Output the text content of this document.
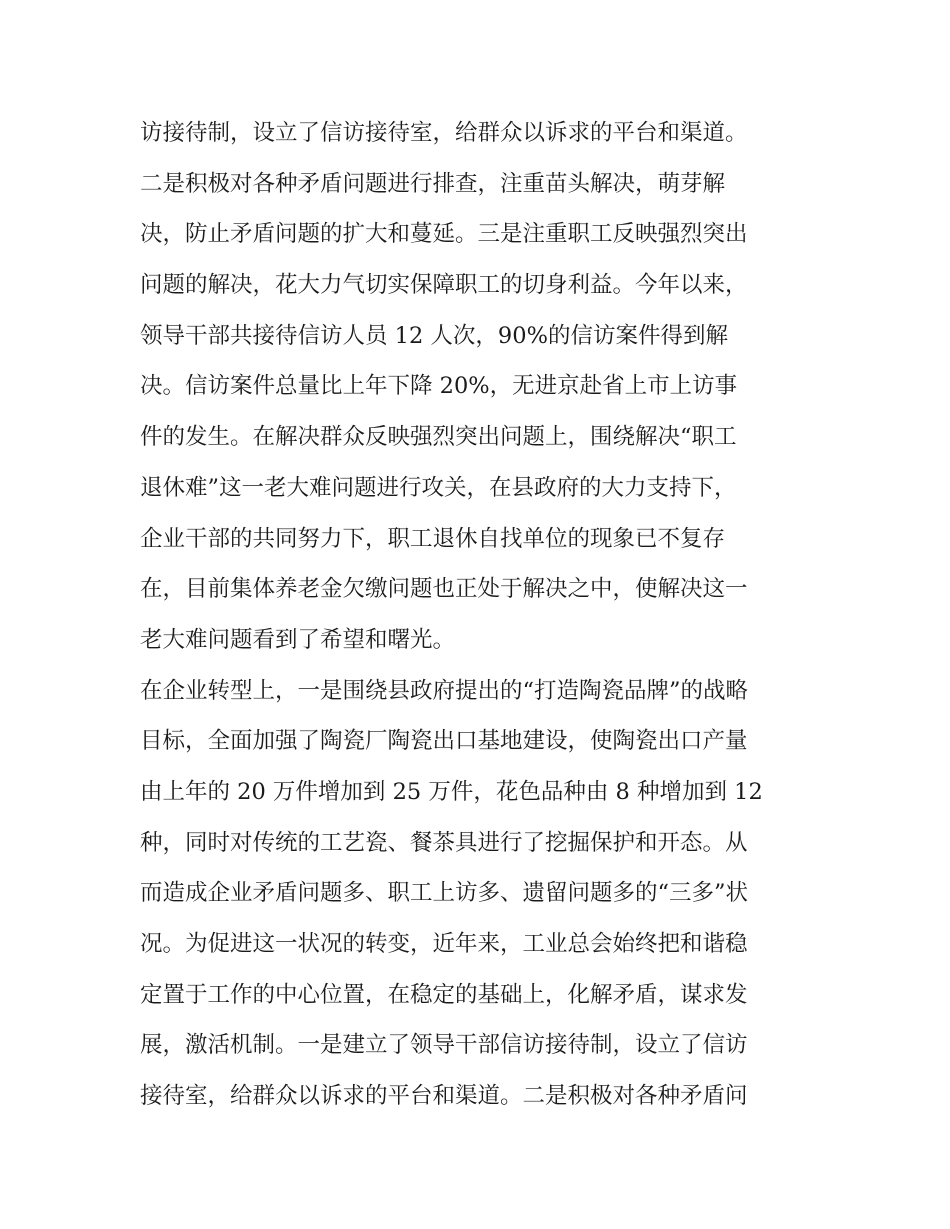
访接待制，设立了信访接待室，给群众以诉求的平台和渠道。
二是积极对各种矛盾问题进行排查，注重苗头解决，萌芽解
决，防止矛盾问题的扩大和蔓延。三是注重职工反映强烈突出
问题的解决，花大力气切实保障职工的切身利益。今年以来，
领导干部共接待信访人员 12 人次，90%的信访案件得到解
决。信访案件总量比上年下降 20%，无进京赴省上市上访事
件的发生。在解决群众反映强烈突出问题上，围绕解决“职工
退休难”这一老大难问题进行攻关，在县政府的大力支持下，
企业干部的共同努力下，职工退休自找单位的现象已不复存
在，目前集体养老金欠缴问题也正处于解决之中，使解决这一
老大难问题看到了希望和曙光。
在企业转型上，一是围绕县政府提出的“打造陶瓷品牌”的战略
目标，全面加强了陶瓷厂陶瓷出口基地建设，使陶瓷出口产量
由上年的 20 万件增加到 25 万件，花色品种由 8 种增加到 12
种，同时对传统的工艺瓷、餐茶具进行了挖掘保护和开态。从
而造成企业矛盾问题多、职工上访多、遗留问题多的“三多”状
况。为促进这一状况的转变，近年来，工业总会始终把和谐稳
定置于工作的中心位置，在稳定的基础上，化解矛盾，谋求发
展，激活机制。一是建立了领导干部信访接待制，设立了信访
接待室，给群众以诉求的平台和渠道。二是积极对各种矛盾问
